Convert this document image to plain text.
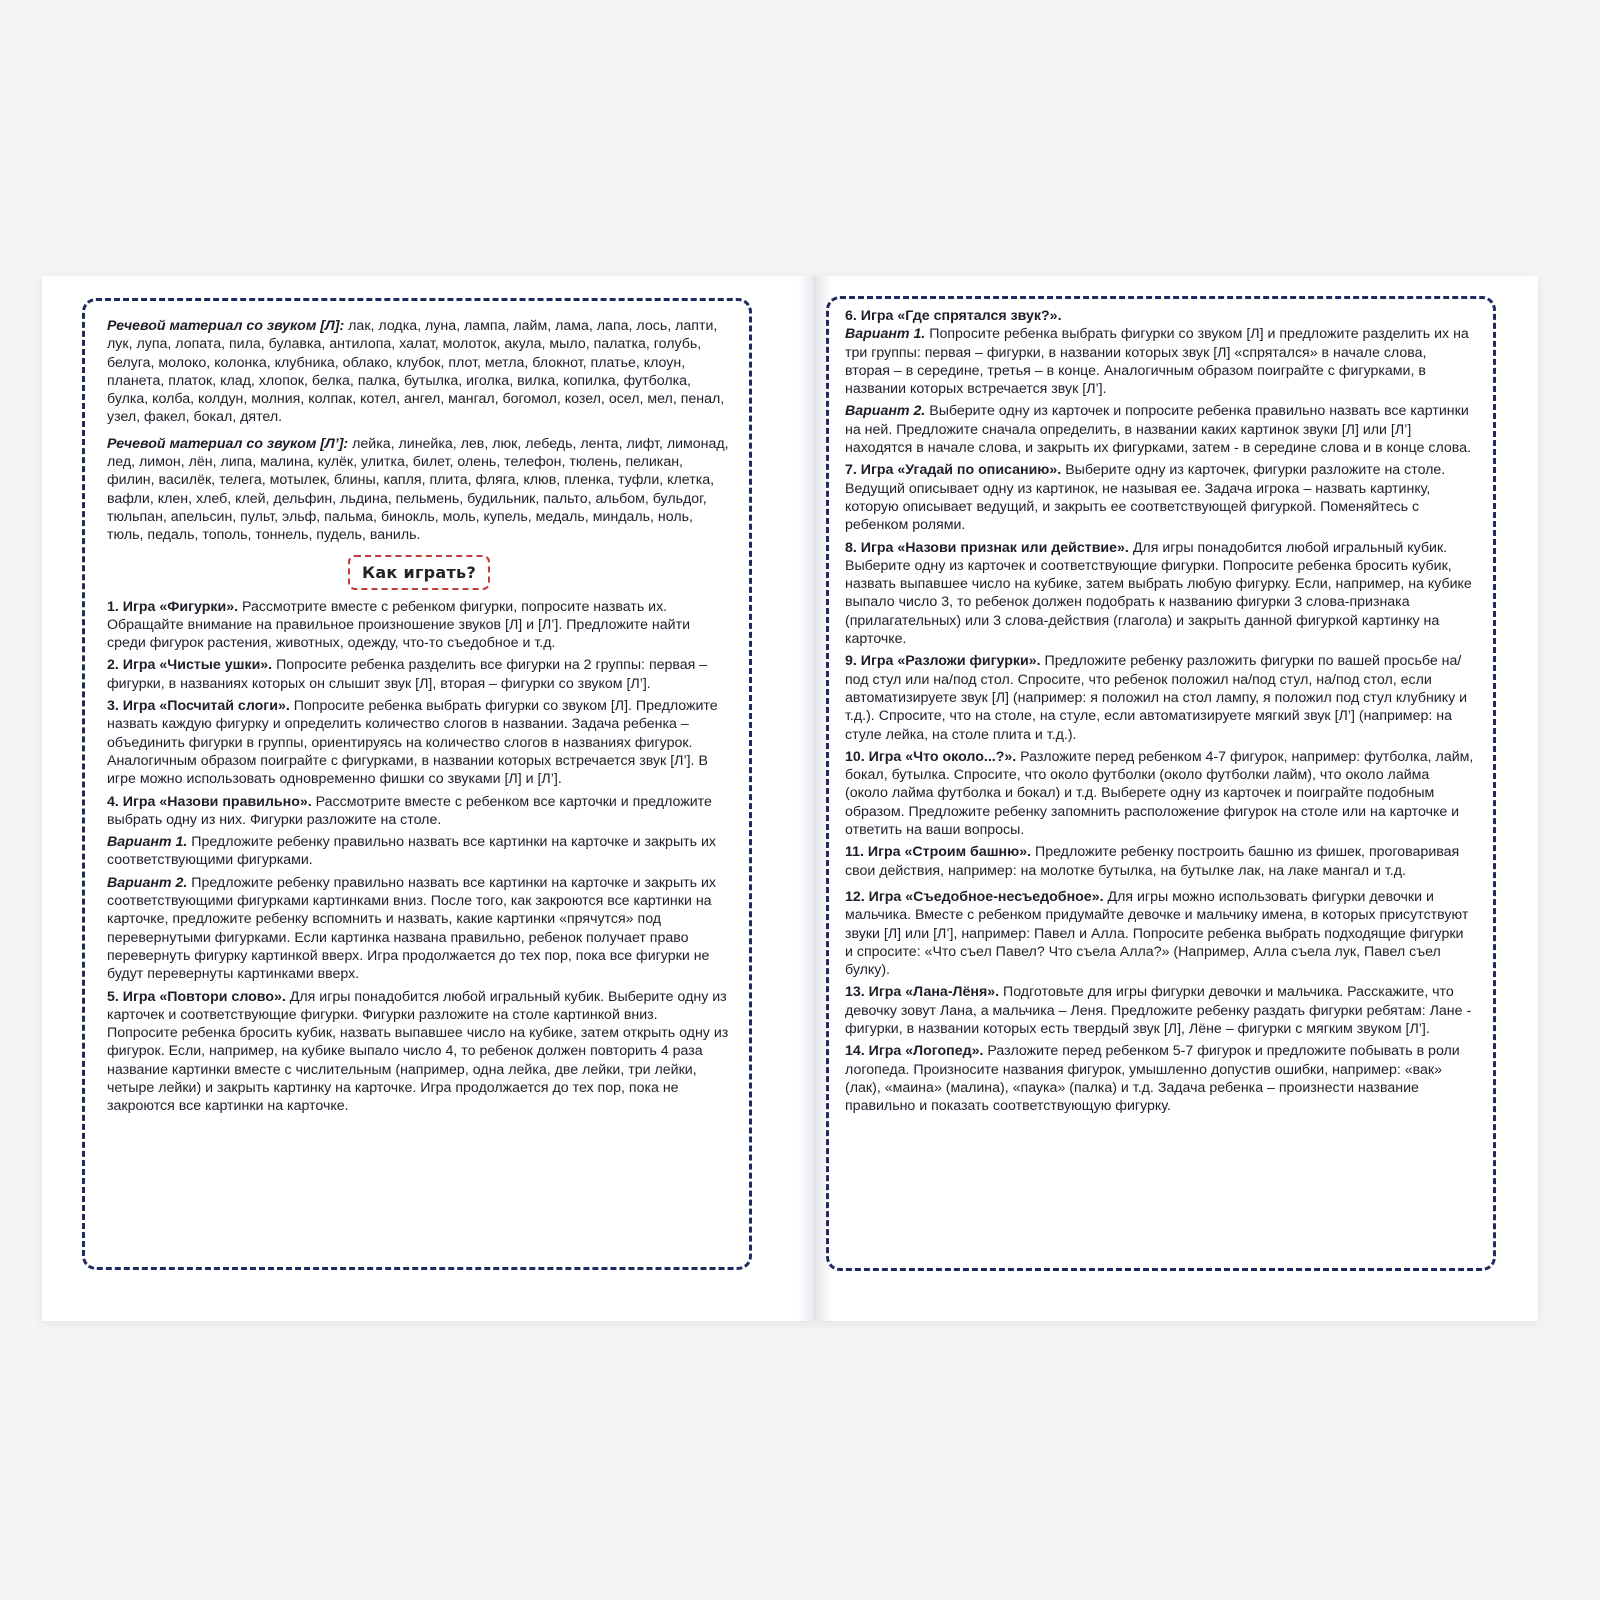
Речевой материал со звуком [Л]: лак, лодка, луна, лампа, лайм, лама, лапа, лось, лапти, лук, лупа, лопата, пила, булавка, антилопа, халат, молоток, акула, мыло, палатка, голубь, белуга, молоко, колонка, клубника, облако, клубок, плот, метла, блокнот, платье, клоун, планета, платок, клад, хлопок, белка, палка, бутылка, иголка, вилка, копилка, футболка, булка, колба, колдун, молния, колпак, котел, ангел, мангал, богомол, козел, осел, мел, пенал, узел, факел, бокал, дятел.

Речевой материал со звуком [Л’]: лейка, линейка, лев, люк, лебедь, лента, лифт, лимонад, лед, лимон, лён, липа, малина, кулёк, улитка, билет, олень, телефон, тюлень, пеликан, филин, василёк, телега, мотылек, блины, капля, плита, фляга, клюв, пленка, туфли, клетка, вафли, клен, хлеб, клей, дельфин, льдина, пельмень, будильник, пальто, альбом, бульдог, тюльпан, апельсин, пульт, эльф, пальма, бинокль, моль, купель, медаль, миндаль, ноль, тюль, педаль, тополь, тоннель, пудель, ваниль.

Как играть?

1. Игра «Фигурки». Рассмотрите вместе с ребенком фигурки, попросите назвать их. Обращайте внимание на правильное произношение звуков [Л] и [Л’]. Предложите найти среди фигурок растения, животных, одежду, что-то съедобное и т.д.

2. Игра «Чистые ушки». Попросите ребенка разделить все фигурки на 2 группы: первая – фигурки, в названиях которых он слышит звук [Л], вторая – фигурки со звуком [Л’].

3. Игра «Посчитай слоги». Попросите ребенка выбрать фигурки со звуком [Л]. Предложите назвать каждую фигурку и определить количество слогов в названии. Задача ребенка – объединить фигурки в группы, ориентируясь на количество слогов в названиях фигурок. Аналогичным образом поиграйте с фигурками, в названии которых встречается звук [Л’]. В игре можно использовать одновременно фишки со звуками [Л] и [Л’].

4. Игра «Назови правильно». Рассмотрите вместе с ребенком все карточки и предложите выбрать одну из них. Фигурки разложите на столе.

Вариант 1. Предложите ребенку правильно назвать все картинки на карточке и закрыть их соответствующими фигурками.

Вариант 2. Предложите ребенку правильно назвать все картинки на карточке и закрыть их соответствующими фигурками картинками вниз. После того, как закроются все картинки на карточке, предложите ребенку вспомнить и назвать, какие картинки «прячутся» под перевернутыми фигурками. Если картинка названа правильно, ребенок получает право перевернуть фигурку картинкой вверх. Игра продолжается до тех пор, пока все фигурки не будут перевернуты картинками вверх.

5. Игра «Повтори слово». Для игры понадобится любой игральный кубик. Выберите одну из карточек и соответствующие фигурки. Фигурки разложите на столе картинкой вниз. Попросите ребенка бросить кубик, назвать выпавшее число на кубике, затем открыть одну из фигурок. Если, например, на кубике выпало число 4, то ребенок должен повторить 4 раза название картинки вместе с числительным (например, одна лейка, две лейки, три лейки, четыре лейки) и закрыть картинку на карточке. Игра продолжается до тех пор, пока не закроются все картинки на карточке.

6. Игра «Где спрятался звук?».

Вариант 1. Попросите ребенка выбрать фигурки со звуком [Л] и предложите разделить их на три группы: первая – фигурки, в названии которых звук [Л] «спрятался» в начале слова, вторая – в середине, третья – в конце. Аналогичным образом поиграйте с фигурками, в названии которых встречается звук [Л’].

Вариант 2. Выберите одну из карточек и попросите ребенка правильно назвать все картинки на ней. Предложите сначала определить, в названии каких картинок звуки [Л] или [Л’] находятся в начале слова, и закрыть их фигурками, затем - в середине слова и в конце слова.

7. Игра «Угадай по описанию». Выберите одну из карточек, фигурки разложите на столе. Ведущий описывает одну из картинок, не называя ее. Задача игрока – назвать картинку, которую описывает ведущий, и закрыть ее соответствующей фигуркой. Поменяйтесь с ребенком ролями.

8. Игра «Назови признак или действие». Для игры понадобится любой игральный кубик. Выберите одну из карточек и соответствующие фигурки. Попросите ребенка бросить кубик, назвать выпавшее число на кубике, затем выбрать любую фигурку. Если, например, на кубике выпало число 3, то ребенок должен подобрать к названию фигурки 3 слова-признака (прилагательных) или 3 слова-действия (глагола) и закрыть данной фигуркой картинку на карточке.

9. Игра «Разложи фигурки». Предложите ребенку разложить фигурки по вашей просьбе на/под стул или на/под стол. Спросите, что ребенок положил на/под стул, на/под стол, если автоматизируете звук [Л] (например: я положил на стол лампу, я положил под стул клубнику и т.д.). Спросите, что на столе, на стуле, если автоматизируете мягкий звук [Л’] (например: на стуле лейка, на столе плита и т.д.).

10. Игра «Что около...?». Разложите перед ребенком 4-7 фигурок, например: футболка, лайм, бокал, бутылка. Спросите, что около футболки (около футболки лайм), что около лайма (около лайма футболка и бокал) и т.д. Выберете одну из карточек и поиграйте подобным образом. Предложите ребенку запомнить расположение фигурок на столе или на карточке и ответить на ваши вопросы.

11. Игра «Строим башню». Предложите ребенку построить башню из фишек, проговаривая свои действия, например: на молотке бутылка, на бутылке лак, на лаке мангал и т.д.

12. Игра «Съедобное-несъедобное». Для игры можно использовать фигурки девочки и мальчика. Вместе с ребенком придумайте девочке и мальчику имена, в которых присутствуют звуки [Л] или [Л’], например: Павел и Алла. Попросите ребенка выбрать подходящие фигурки и спросите: «Что съел Павел? Что съела Алла?» (Например, Алла съела лук, Павел съел булку).

13. Игра «Лана-Лёня». Подготовьте для игры фигурки девочки и мальчика. Расскажите, что девочку зовут Лана, а мальчика – Леня. Предложите ребенку раздать фигурки ребятам: Лане - фигурки, в названии которых есть твердый звук [Л], Лёне – фигурки с мягким звуком [Л’].

14. Игра «Логопед». Разложите перед ребенком 5-7 фигурок и предложите побывать в роли логопеда. Произносите названия фигурок, умышленно допустив ошибки, например: «вак» (лак), «маина» (малина), «паука» (палка) и т.д. Задача ребенка – произнести название правильно и показать соответствующую фигурку.
